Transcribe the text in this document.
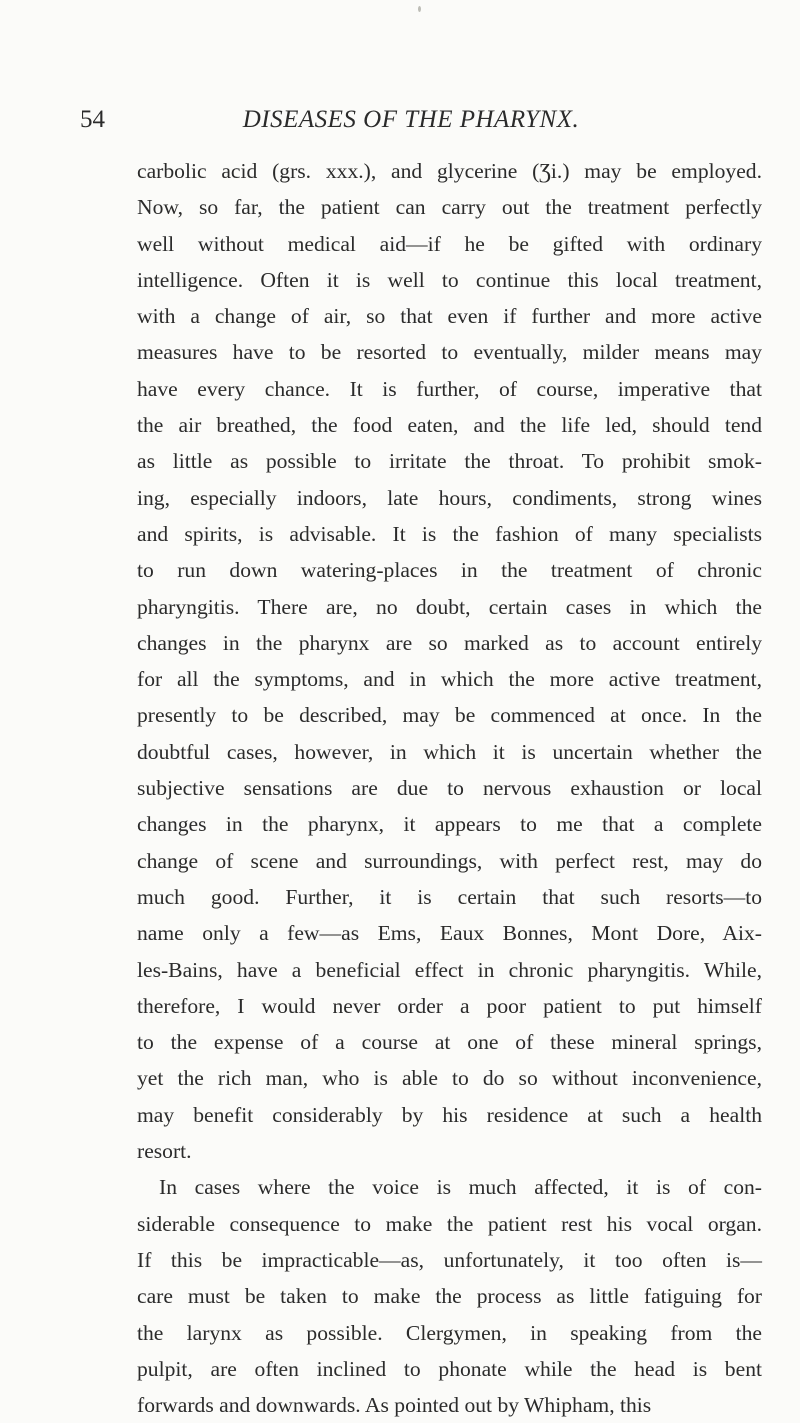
54	DISEASES OF THE PHARYNX.

carbolic acid (grs. xxx.), and glycerine (Ʒi.) may be employed.
Now, so far, the patient can carry out the treatment perfectly
well without medical aid—if he be gifted with ordinary
intelligence. Often it is well to continue this local treatment,
with a change of air, so that even if further and more active
measures have to be resorted to eventually, milder means may
have every chance. It is further, of course, imperative that
the air breathed, the food eaten, and the life led, should tend
as little as possible to irritate the throat. To prohibit smok-
ing, especially indoors, late hours, condiments, strong wines
and spirits, is advisable. It is the fashion of many specialists
to run down watering-places in the treatment of chronic
pharyngitis. There are, no doubt, certain cases in which the
changes in the pharynx are so marked as to account entirely
for all the symptoms, and in which the more active treatment,
presently to be described, may be commenced at once. In the
doubtful cases, however, in which it is uncertain whether the
subjective sensations are due to nervous exhaustion or local
changes in the pharynx, it appears to me that a complete
change of scene and surroundings, with perfect rest, may do
much good. Further, it is certain that such resorts—to
name only a few—as Ems, Eaux Bonnes, Mont Dore, Aix-
les-Bains, have a beneficial effect in chronic pharyngitis. While,
therefore, I would never order a poor patient to put himself
to the expense of a course at one of these mineral springs,
yet the rich man, who is able to do so without inconvenience,
may benefit considerably by his residence at such a health
resort.

In cases where the voice is much affected, it is of con-
siderable consequence to make the patient rest his vocal organ.
If this be impracticable—as, unfortunately, it too often is—
care must be taken to make the process as little fatiguing for
the larynx as possible. Clergymen, in speaking from the
pulpit, are often inclined to phonate while the head is bent
forwards and downwards. As pointed out by Whipham, this
